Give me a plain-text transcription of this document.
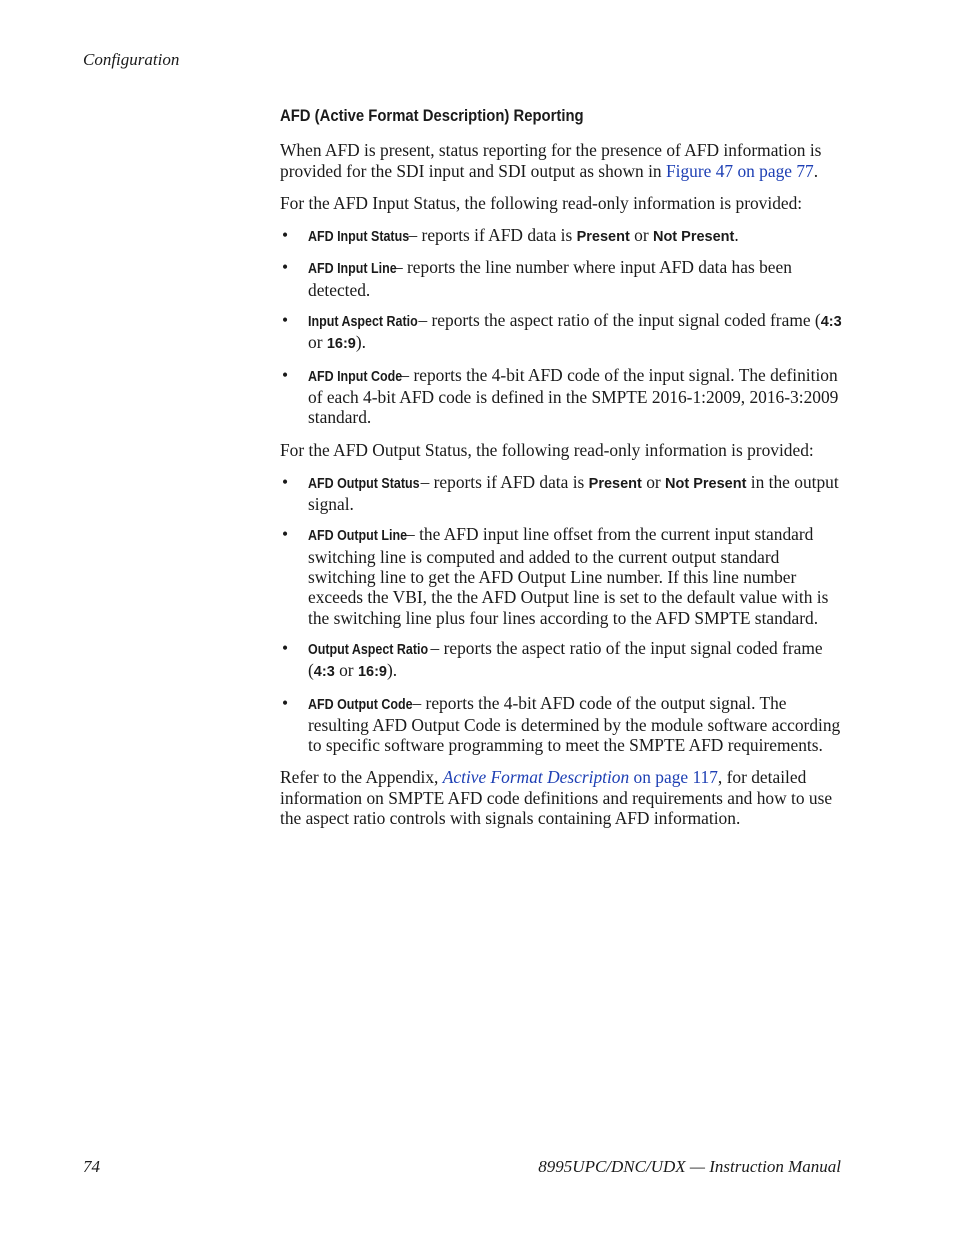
Configuration
AFD (Active Format Description) Reporting

When AFD is present, status reporting for the presence of AFD information is provided for the SDI input and SDI output as shown in Figure 47 on page 77.

For the AFD Input Status, the following read-only information is provided:

• AFD Input Status – reports if AFD data is Present or Not Present.
• AFD Input Line – reports the line number where input AFD data has been detected.
• Input Aspect Ratio – reports the aspect ratio of the input signal coded frame (4:3 or 16:9).
• AFD Input Code – reports the 4-bit AFD code of the input signal. The definition of each 4-bit AFD code is defined in the SMPTE 2016-1:2009, 2016-3:2009 standard.

For the AFD Output Status, the following read-only information is provided:

• AFD Output Status – reports if AFD data is Present or Not Present in the output signal.
• AFD Output Line – the AFD input line offset from the current input standard switching line is computed and added to the current output standard switching line to get the AFD Output Line number. If this line number exceeds the VBI, the the AFD Output line is set to the default value with is the switching line plus four lines according to the AFD SMPTE standard.
• Output Aspect Ratio – reports the aspect ratio of the input signal coded frame (4:3 or 16:9).
• AFD Output Code – reports the 4-bit AFD code of the output signal. The resulting AFD Output Code is determined by the module software according to specific software programming to meet the SMPTE AFD requirements.

Refer to the Appendix, Active Format Description on page 117, for detailed information on SMPTE AFD code definitions and requirements and how to use the aspect ratio controls with signals containing AFD information.

74	8995UPC/DNC/UDX — Instruction Manual
